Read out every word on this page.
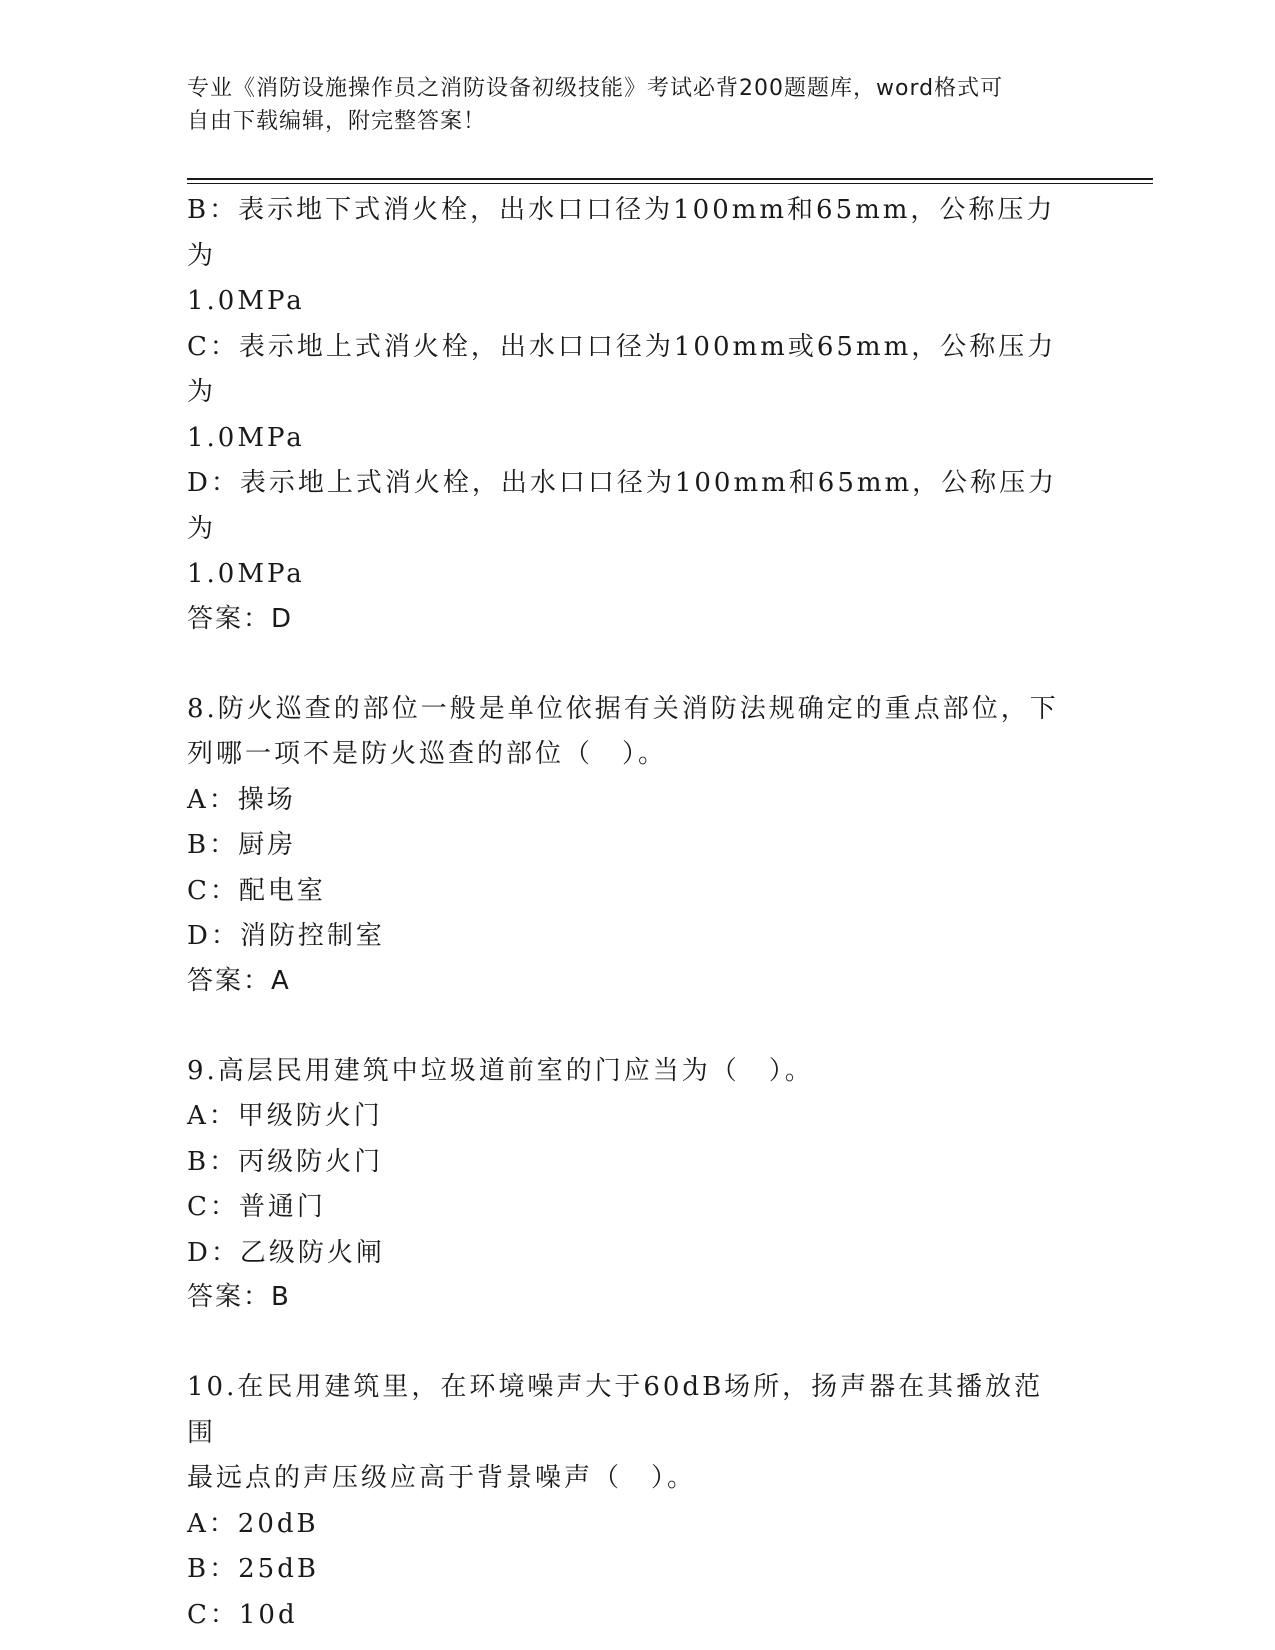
专业《消防设施操作员之消防设备初级技能》考试必背200题题库，word格式可
自由下载编辑，附完整答案！
B：表示地下式消火栓，出水口口径为100mm和65mm，公称压力为
1.0MPa
C：表示地上式消火栓，出水口口径为100mm或65mm，公称压力为
1.0MPa
D：表示地上式消火栓，出水口口径为100mm和65mm，公称压力为
1.0MPa
答案：D
8.防火巡查的部位一般是单位依据有关消防法规确定的重点部位，下
列哪一项不是防火巡查的部位（　）。
A：操场
B：厨房
C：配电室
D：消防控制室
答案：A
9.高层民用建筑中垃圾道前室的门应当为（　）。
A：甲级防火门
B：丙级防火门
C：普通门
D：乙级防火闸
答案：B
10.在民用建筑里，在环境噪声大于60dB场所，扬声器在其播放范围
最远点的声压级应高于背景噪声（　）。
A：20dB
B：25dB
C：10d
